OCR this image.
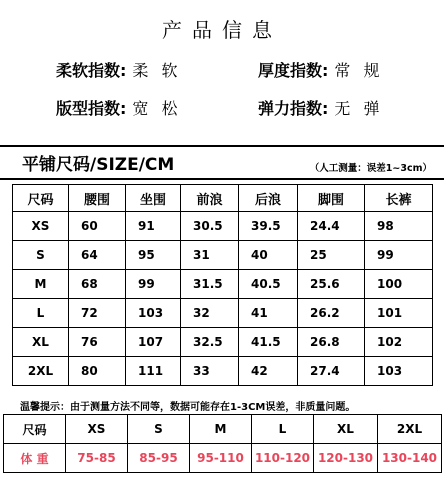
产品信息
柔软指数: 柔 软	厚度指数: 常 规
版型指数: 宽 松	弹力指数: 无 弹
平铺尺码/SIZE/CM	（人工测量：误差1~3cm）
尺码	腰围	坐围	前浪	后浪	脚围	长裤
XS	60	91	30.5	39.5	24.4	98
S	64	95	31	40	25	99
M	68	99	31.5	40.5	25.6	100
L	72	103	32	41	26.2	101
XL	76	107	32.5	41.5	26.8	102
2XL	80	111	33	42	27.4	103
温馨提示：由于测量方法不同等，数据可能存在1-3CM误差，非质量问题。
尺码	XS	S	M	L	XL	2XL
体 重	75-85	85-95	95-110	110-120	120-130	130-140
